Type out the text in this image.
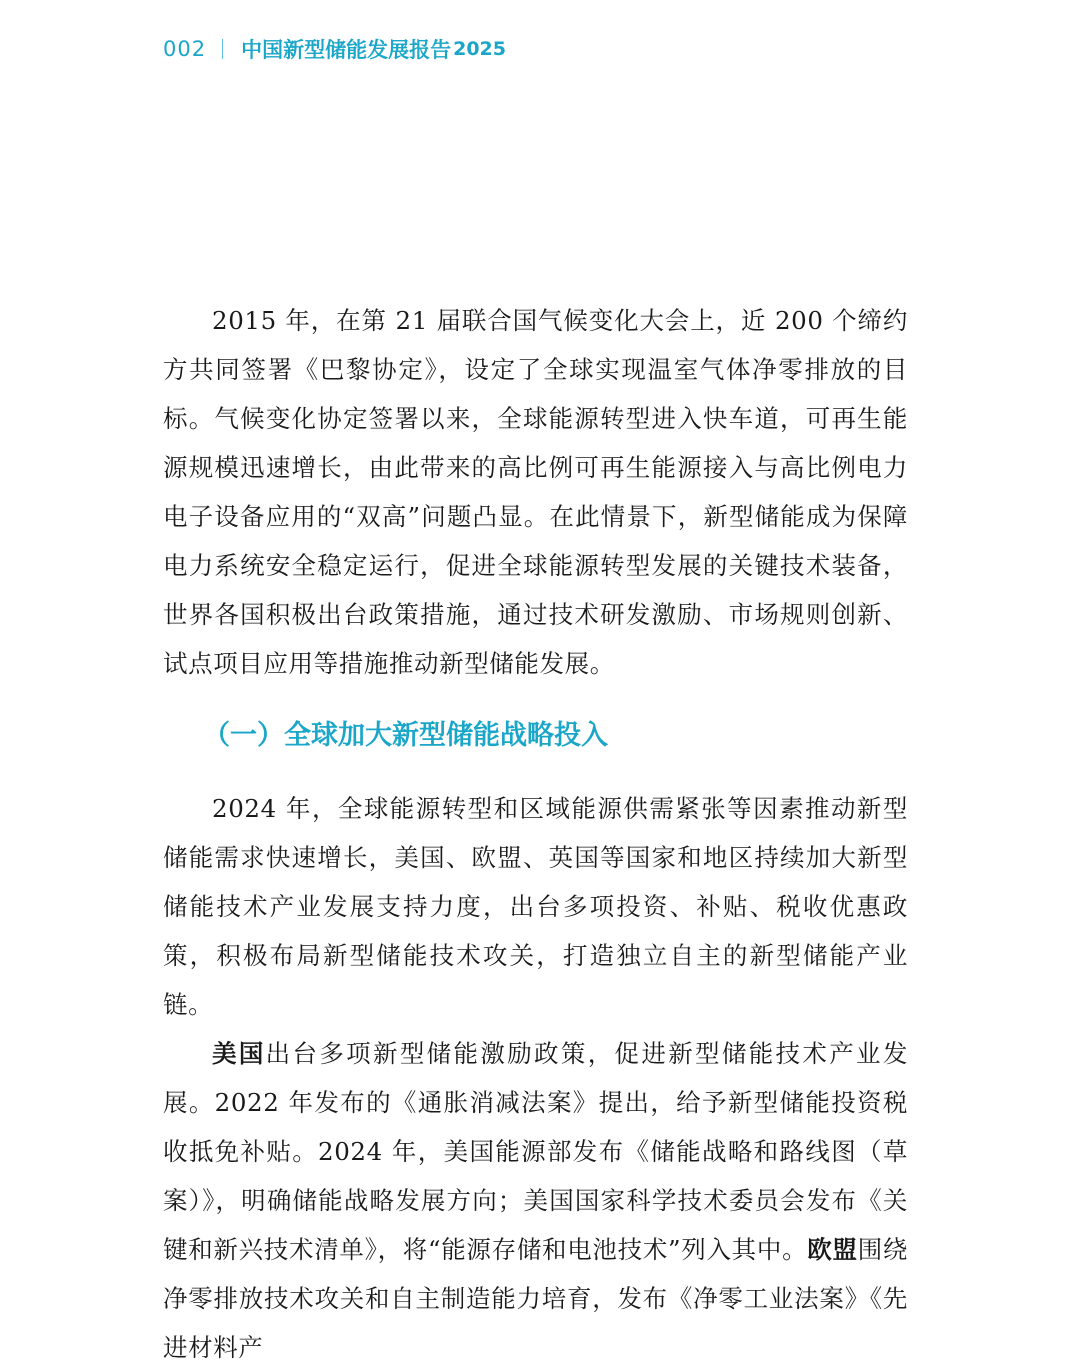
002 中国新型储能发展报告 2025

2015 年，在第 21 届联合国气候变化大会上，近 200 个缔约方共同签署《巴黎协定》，设定了全球实现温室气体净零排放的目标。气候变化协定签署以来，全球能源转型进入快车道，可再生能源规模迅速增长，由此带来的高比例可再生能源接入与高比例电力电子设备应用的“双高”问题凸显。在此情景下，新型储能成为保障电力系统安全稳定运行，促进全球能源转型发展的关键技术装备，世界各国积极出台政策措施，通过技术研发激励、市场规则创新、试点项目应用等措施推动新型储能发展。

（一）全球加大新型储能战略投入

2024 年，全球能源转型和区域能源供需紧张等因素推动新型储能需求快速增长，美国、欧盟、英国等国家和地区持续加大新型储能技术产业发展支持力度，出台多项投资、补贴、税收优惠政策，积极布局新型储能技术攻关，打造独立自主的新型储能产业链。

美国出台多项新型储能激励政策，促进新型储能技术产业发展。2022 年发布的《通胀消减法案》提出，给予新型储能投资税收抵免补贴。2024 年，美国能源部发布《储能战略和路线图（草案）》，明确储能战略发展方向；美国国家科学技术委员会发布《关键和新兴技术清单》，将“能源存储和电池技术”列入其中。欧盟围绕净零排放技术攻关和自主制造能力培育，发布《净零工业法案》《先进材料产
